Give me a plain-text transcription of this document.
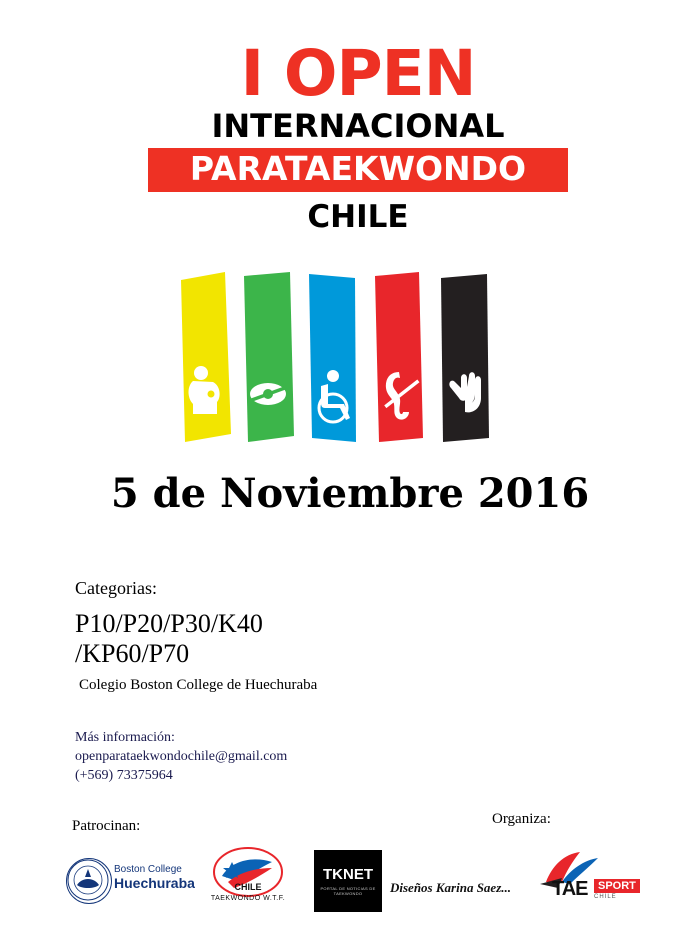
I OPEN
INTERNACIONAL
PARATAEKWONDO
CHILE
5 de Noviembre 2016
Categorias:
P10/P20/P30/K40
/KP60/P70
Colegio Boston College de Huechuraba
Más información:
openparataekwondochile@gmail.com
(+569) 73375964
Patrocinan:	Organiza:
Boston College
Huechuraba	CHILE
TAEKWONDO W.T.F.
TKNET
PORTAL DE NOTICIAS DE TAEKWONDO	Diseños Karina Saez...	TAE SPORT
CHILE
